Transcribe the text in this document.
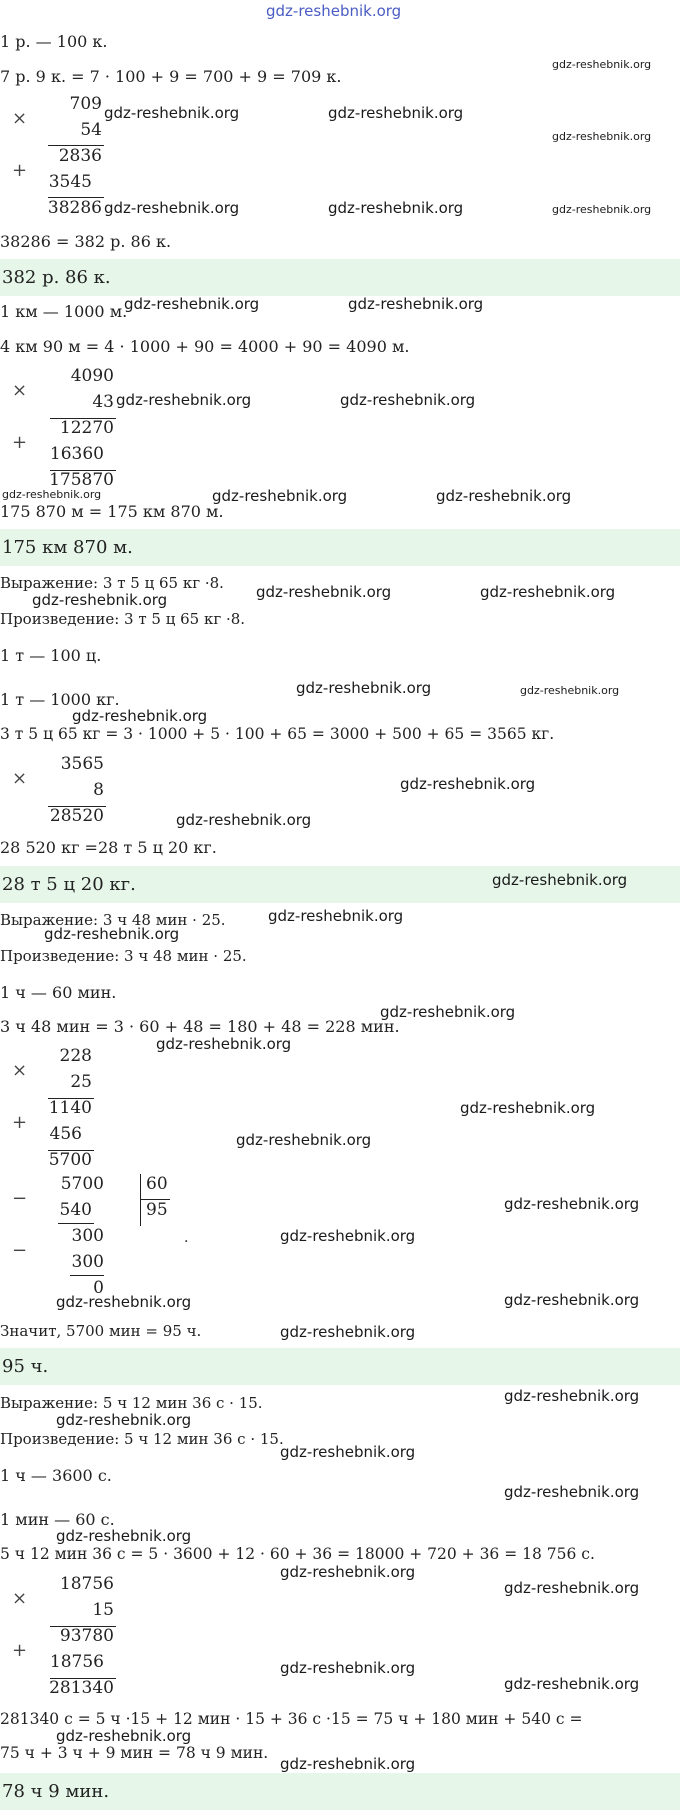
gdz-reshebnik.org
1 р. — 100 к.
7 р. 9 к. = 7 · 100 + 9 = 700 + 9 = 709 к.
×
+
709
54
2836
3545
38286
38286 = 382 р. 86 к.
382 р. 86 к.
1 км — 1000 м.
4 км 90 м = 4 · 1000 + 90 = 4000 + 90 = 4090 м.
×
+
4090
43
12270
16360
175870
175 870 м = 175 км 870 м.
175 км 870 м.
Выражение: 3 т 5 ц 65 кг ·8.
Произведение: 3 т 5 ц 65 кг ·8.
1 т — 100 ц.
1 т — 1000 кг.
3 т 5 ц 65 кг = 3 · 1000 + 5 · 100 + 65 = 3000 + 500 + 65 = 3565 кг.
×
3565
8
28520
28 520 кг =28 т 5 ц 20 кг.
28 т 5 ц 20 кг.
Выражение: 3 ч 48 мин · 25.
Произведение: 3 ч 48 мин · 25.
1 ч — 60 мин.
3 ч 48 мин = 3 · 60 + 48 = 180 + 48 = 228 мин.
×
+
228
25
1140
456
5700
−
−
5700
540
300
300
0
60
95
.
Значит, 5700 мин = 95 ч.
95 ч.
Выражение: 5 ч 12 мин 36 с · 15.
Произведение: 5 ч 12 мин 36 с · 15.
1 ч — 3600 с.
1 мин — 60 с.
5 ч 12 мин 36 с = 5 · 3600 + 12 · 60 + 36 = 18000 + 720 + 36 = 18 756 с.
×
+
18756
15
93780
18756
281340
281340 с = 5 ч ·15 + 12 мин · 15 + 36 с ·15 = 75 ч + 180 мин + 540 с =
75 ч + 3 ч + 9 мин = 78 ч 9 мин.
78 ч 9 мин.
gdz-reshebnik.org
gdz-reshebnik.org	gdz-reshebnik.org
gdz-reshebnik.org
gdz-reshebnik.org	gdz-reshebnik.org	gdz-reshebnik.org
gdz-reshebnik.org	gdz-reshebnik.org
gdz-reshebnik.org	gdz-reshebnik.org
gdz-reshebnik.org	gdz-reshebnik.org	gdz-reshebnik.org
gdz-reshebnik.org	gdz-reshebnik.org	gdz-reshebnik.org
gdz-reshebnik.org	gdz-reshebnik.org
gdz-reshebnik.org
gdz-reshebnik.org
gdz-reshebnik.org
gdz-reshebnik.org
gdz-reshebnik.org
gdz-reshebnik.org
gdz-reshebnik.org
gdz-reshebnik.org
gdz-reshebnik.org
gdz-reshebnik.org
gdz-reshebnik.org
gdz-reshebnik.org
gdz-reshebnik.org	gdz-reshebnik.org
gdz-reshebnik.org
gdz-reshebnik.org
gdz-reshebnik.org
gdz-reshebnik.org
gdz-reshebnik.org
gdz-reshebnik.org
gdz-reshebnik.org
gdz-reshebnik.org
gdz-reshebnik.org
gdz-reshebnik.org
gdz-reshebnik.org
gdz-reshebnik.org
